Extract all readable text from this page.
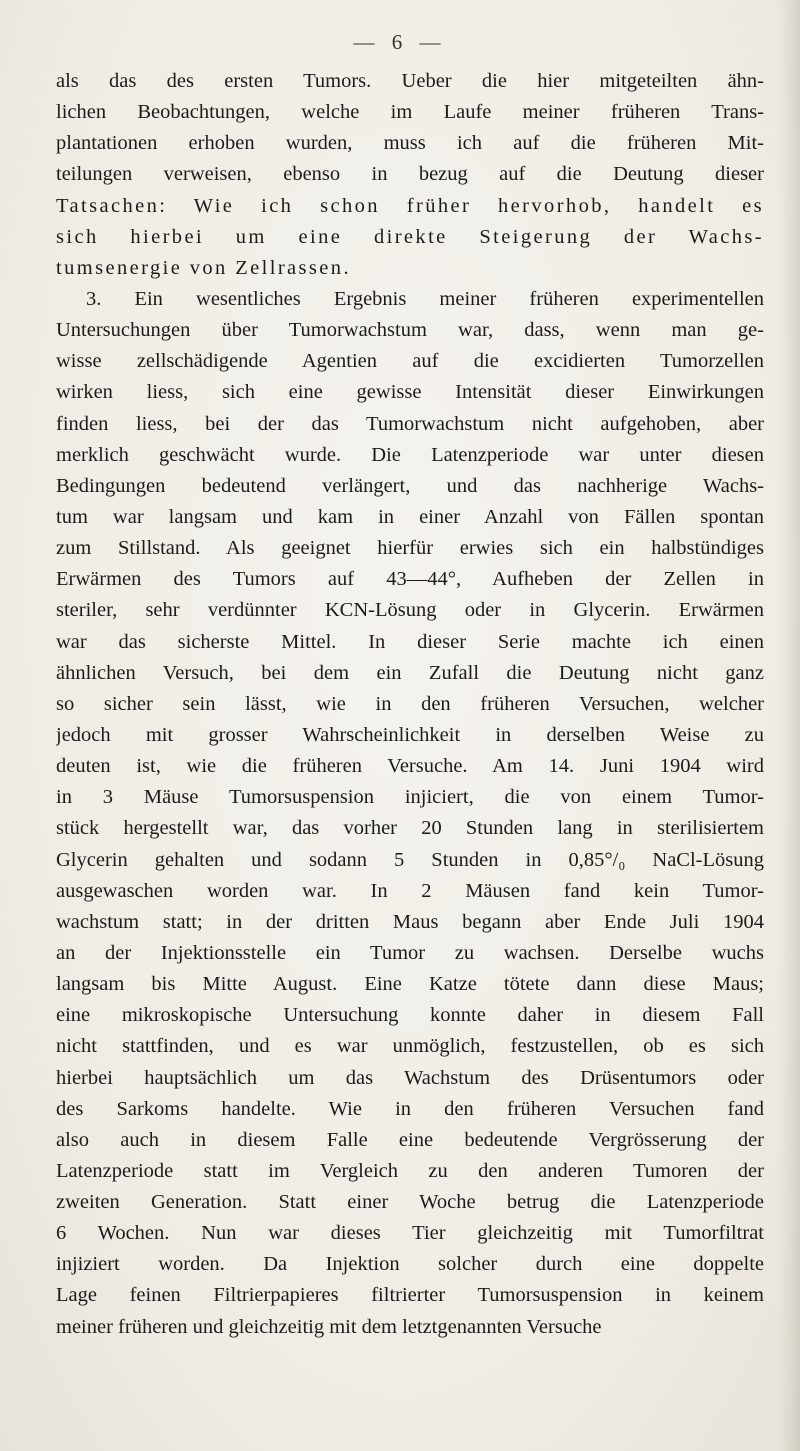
— 6 —
als das des ersten Tumors. Ueber die hier mitgeteilten ähn-
lichen Beobachtungen, welche im Laufe meiner früheren Trans-
plantationen erhoben wurden, muss ich auf die früheren Mit-
teilungen verweisen, ebenso in bezug auf die Deutung dieser
Tatsachen: Wie ich schon früher hervorhob, handelt es
sich hierbei um eine direkte Steigerung der Wachs-
tumsenergie von Zellrassen.
3. Ein wesentliches Ergebnis meiner früheren experimentellen
Untersuchungen über Tumorwachstum war, dass, wenn man ge-
wisse zellschädigende Agentien auf die excidierten Tumorzellen
wirken liess, sich eine gewisse Intensität dieser Einwirkungen
finden liess, bei der das Tumorwachstum nicht aufgehoben, aber
merklich geschwächt wurde. Die Latenzperiode war unter diesen
Bedingungen bedeutend verlängert, und das nachherige Wachs-
tum war langsam und kam in einer Anzahl von Fällen spontan
zum Stillstand. Als geeignet hierfür erwies sich ein halbstündiges
Erwärmen des Tumors auf 43—44°, Aufheben der Zellen in
steriler, sehr verdünnter KCN-Lösung oder in Glycerin. Erwärmen
war das sicherste Mittel. In dieser Serie machte ich einen
ähnlichen Versuch, bei dem ein Zufall die Deutung nicht ganz
so sicher sein lässt, wie in den früheren Versuchen, welcher
jedoch mit grosser Wahrscheinlichkeit in derselben Weise zu
deuten ist, wie die früheren Versuche. Am 14. Juni 1904 wird
in 3 Mäuse Tumorsuspension injiciert, die von einem Tumor-
stück hergestellt war, das vorher 20 Stunden lang in sterilisiertem
Glycerin gehalten und sodann 5 Stunden in 0,85°/₀ NaCl-Lösung
ausgewaschen worden war. In 2 Mäusen fand kein Tumor-
wachstum statt; in der dritten Maus begann aber Ende Juli 1904
an der Injektionsstelle ein Tumor zu wachsen. Derselbe wuchs
langsam bis Mitte August. Eine Katze tötete dann diese Maus;
eine mikroskopische Untersuchung konnte daher in diesem Fall
nicht stattfinden, und es war unmöglich, festzustellen, ob es sich
hierbei hauptsächlich um das Wachstum des Drüsentumors oder
des Sarkoms handelte. Wie in den früheren Versuchen fand
also auch in diesem Falle eine bedeutende Vergrösserung der
Latenzperiode statt im Vergleich zu den anderen Tumoren der
zweiten Generation. Statt einer Woche betrug die Latenzperiode
6 Wochen. Nun war dieses Tier gleichzeitig mit Tumorfiltrat
injiziert worden. Da Injektion solcher durch eine doppelte
Lage feinen Filtrierpapieres filtrierter Tumorsuspension in keinem
meiner früheren und gleichzeitig mit dem letztgenannten Versuche
